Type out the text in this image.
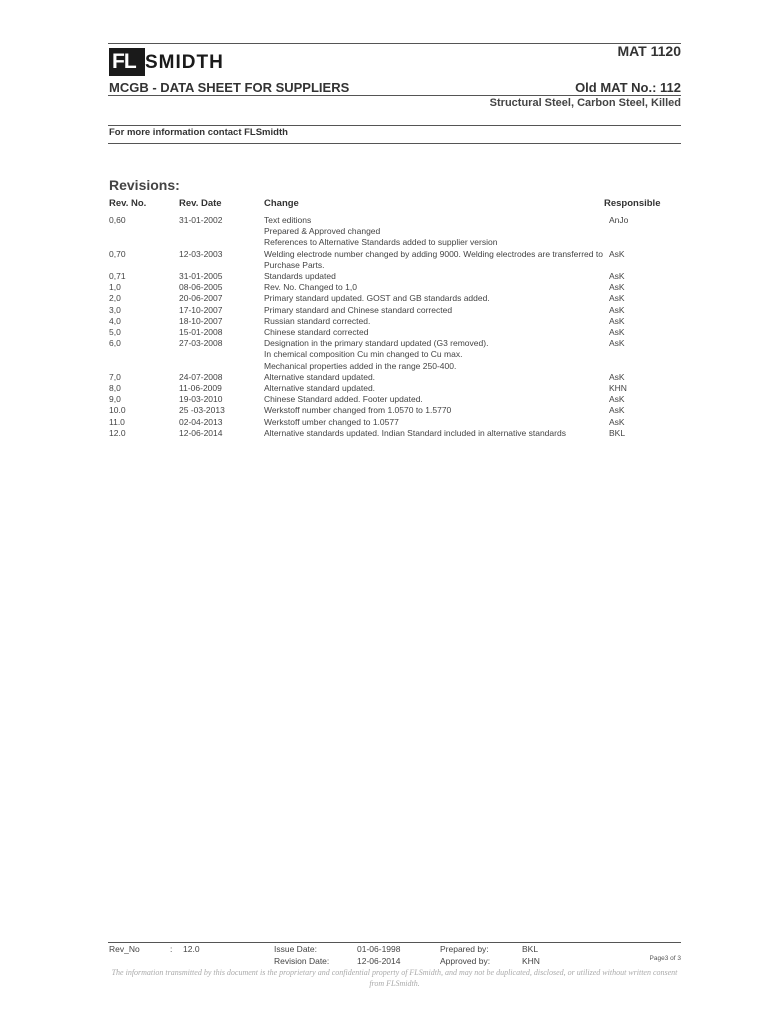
FL SMIDTH
MAT 1120
MCGB - DATA SHEET FOR SUPPLIERS	Old MAT No.: 112
Structural Steel, Carbon Steel, Killed
For more information contact FLSmidth
Revisions:
Rev. No.	Rev. Date	Change	Responsible
0,60	31-01-2002	Text editions
Prepared & Approved changed
References to Alternative Standards added to supplier version	AnJo
0,70	12-03-2003	Welding electrode number changed by adding 9000. Welding electrodes are transferred to Purchase Parts.	AsK
0,71	31-01-2005	Standards updated	AsK
1,0	08-06-2005	Rev. No. Changed to 1,0	AsK
2,0	20-06-2007	Primary standard updated. GOST and GB standards added.	AsK
3,0	17-10-2007	Primary standard and Chinese standard corrected	AsK
4,0	18-10-2007	Russian standard corrected.	AsK
5,0	15-01-2008	Chinese standard corrected	AsK
6,0	27-03-2008	Designation in the primary standard updated (G3 removed).
In chemical composition Cu min changed to Cu max.
Mechanical properties added in the range 250-400.	AsK
7,0	24-07-2008	Alternative standard updated.	AsK
8,0	11-06-2009	Alternative standard updated.	KHN
9,0	19-03-2010	Chinese Standard added. Footer updated.	AsK
10.0	25 -03-2013	Werkstoff number changed from 1.0570 to 1.5770	AsK
11.0	02-04-2013	Werkstoff umber changed to 1.0577	AsK
12.0	12-06-2014	Alternative standards updated. Indian Standard included in alternative standards	BKL
Rev_No	: 12.0	Issue Date:	01-06-1998	Prepared by:	BKL
Revision Date:	12-06-2014	Approved by:	KHN	Page3 of 3
The information transmitted by this document is the proprietary and confidential property of FLSmidth, and may not be duplicated, disclosed, or utilized without written consent from FLSmidth.
